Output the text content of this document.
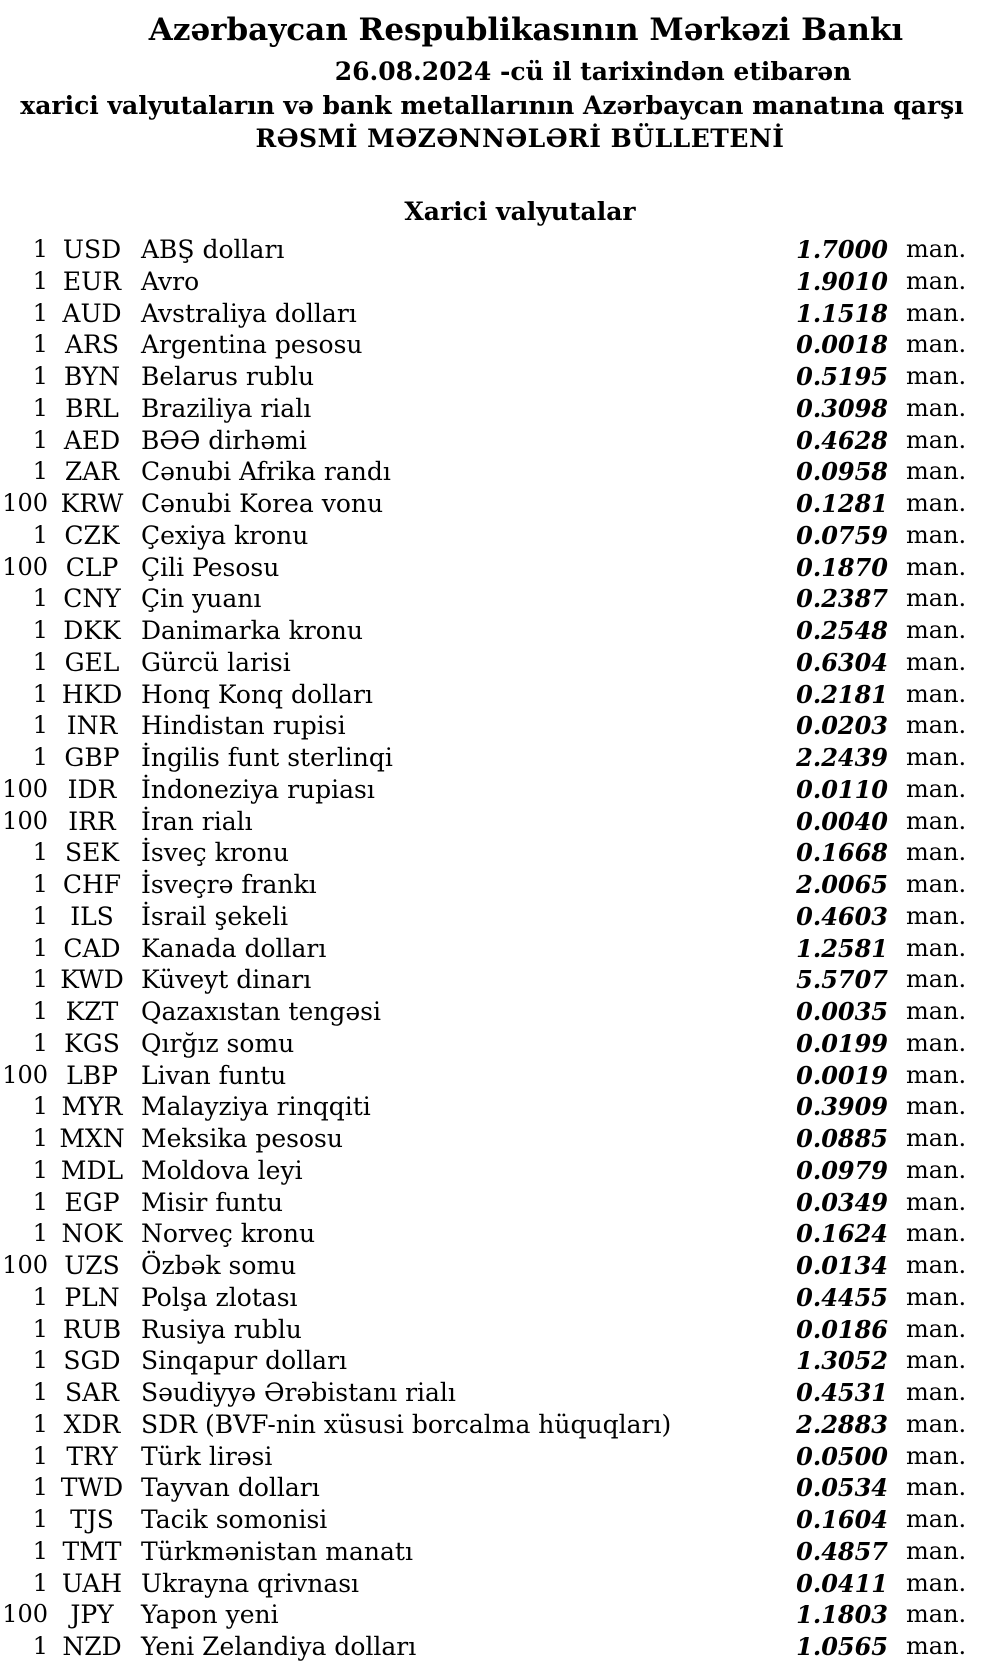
Azərbaycan Respublikasının Mərkəzi Bankı
26.08.2024 -cü il tarixindən etibarən
xarici valyutaların və bank metallarının Azərbaycan manatına qarşı
RƏSMİ MƏZƏNNƏLƏRİ BÜLLETENİ
Xarici valyutalar
1 USD ABŞ dolları	1.7000 man.
1 EUR Avro	1.9010 man.
1 AUD Avstraliya dolları	1.1518 man.
1 ARS Argentina pesosu	0.0018 man.
1 BYN Belarus rublu	0.5195 man.
1 BRL Braziliya rialı	0.3098 man.
1 AED BƏƏ dirhəmi	0.4628 man.
1 ZAR Cənubi Afrika randı	0.0958 man.
100 KRW Cənubi Korea vonu	0.1281 man.
1 CZK Çexiya kronu	0.0759 man.
100 CLP Çili Pesosu	0.1870 man.
1 CNY Çin yuanı	0.2387 man.
1 DKK Danimarka kronu	0.2548 man.
1 GEL Gürcü larisi	0.6304 man.
1 HKD Honq Konq dolları	0.2181 man.
1 INR Hindistan rupisi	0.0203 man.
1 GBP İngilis funt sterlinqi	2.2439 man.
100 IDR İndoneziya rupiası	0.0110 man.
100 IRR	İran rialı	0.0040 man.
1 SEK İsveç kronu	0.1668 man.
1 CHF İsveçrə frankı	2.0065 man.
1 ILS	İsrail şekeli	0.4603 man.
1 CAD Kanada dolları	1.2581 man.
1 KWD Küveyt dinarı	5.5707 man.
1 KZT Qazaxıstan tengəsi	0.0035 man.
1 KGS Qırğız somu	0.0199 man.
100 LBP Livan funtu	0.0019 man.
1 MYR Malayziya rinqqiti	0.3909 man.
1 MXN Meksika pesosu	0.0885 man.
1 MDL Moldova leyi	0.0979 man.
1 EGP Misir funtu	0.0349 man.
1 NOK Norveç kronu	0.1624 man.
100 UZS Özbək somu	0.0134 man.
1 PLN Polşa zlotası	0.4455 man.
1 RUB Rusiya rublu	0.0186 man.
1 SGD Sinqapur dolları	1.3052 man.
1 SAR Səudiyyə Ərəbistanı rialı	0.4531 man.
1 XDR SDR (BVF-nin xüsusi borcalma hüquqları)	2.2883 man.
1 TRY Türk lirəsi	0.0500 man.
1 TWD Tayvan dolları	0.0534 man.
1 TJS	Tacik somonisi	0.1604 man.
1 TMT Türkmənistan manatı	0.4857 man.
1 UAH Ukrayna qrivnası	0.0411 man.
100 JPY	Yapon yeni	1.1803 man.
1 NZD Yeni Zelandiya dolları	1.0565 man.
